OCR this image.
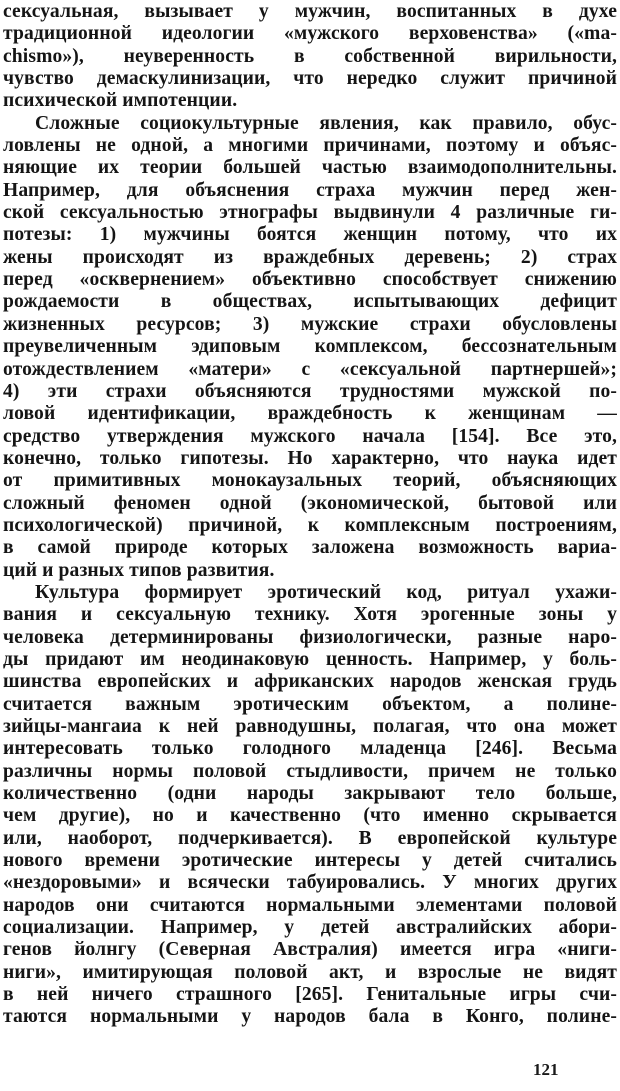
сексуальная, вызывает у мужчин, воспитанных в духе
традиционной идеологии «мужского верховенства» («ma-
chismo»), неуверенность в собственной вирильности,
чувство демаскулинизации, что нередко служит причиной
психической импотенции.
Сложные социокультурные явления, как правило, обус-
ловлены не одной, а многими причинами, поэтому и объяс-
няющие их теории большей частью взаимодополнительны.
Например, для объяснения страха мужчин перед жен-
ской сексуальностью этнографы выдвинули 4 различные ги-
потезы: 1) мужчины боятся женщин потому, что их
жены происходят из враждебных деревень; 2) страх
перед «осквернением» объективно способствует снижению
рождаемости в обществах, испытывающих дефицит
жизненных ресурсов; 3) мужские страхи обусловлены
преувеличенным эдиповым комплексом, бессознательным
отождествлением «матери» с «сексуальной партнершей»;
4) эти страхи объясняются трудностями мужской по-
ловой идентификации, враждебность к женщинам —
средство утверждения мужского начала [154]. Все это,
конечно, только гипотезы. Но характерно, что наука идет
от примитивных монокаузальных теорий, объясняющих
сложный феномен одной (экономической, бытовой или
психологической) причиной, к комплексным построениям,
в самой природе которых заложена возможность вариа-
ций и разных типов развития.
Культура формирует эротический код, ритуал ухажи-
вания и сексуальную технику. Хотя эрогенные зоны у
человека детерминированы физиологически, разные наро-
ды придают им неодинаковую ценность. Например, у боль-
шинства европейских и африканских народов женская грудь
считается важным эротическим объектом, а полине-
зийцы-мангаиа к ней равнодушны, полагая, что она может
интересовать только голодного младенца [246]. Весьма
различны нормы половой стыдливости, причем не только
количественно (одни народы закрывают тело больше,
чем другие), но и качественно (что именно скрывается
или, наоборот, подчеркивается). В европейской культуре
нового времени эротические интересы у детей считались
«нездоровыми» и всячески табуировались. У многих других
народов они считаются нормальными элементами половой
социализации. Например, у детей австралийских абори-
генов йолнгу (Северная Австралия) имеется игра «ниги-
ниги», имитирующая половой акт, и взрослые не видят
в ней ничего страшного [265]. Генитальные игры счи-
таются нормальными у народов бала в Конго, полине-
121
